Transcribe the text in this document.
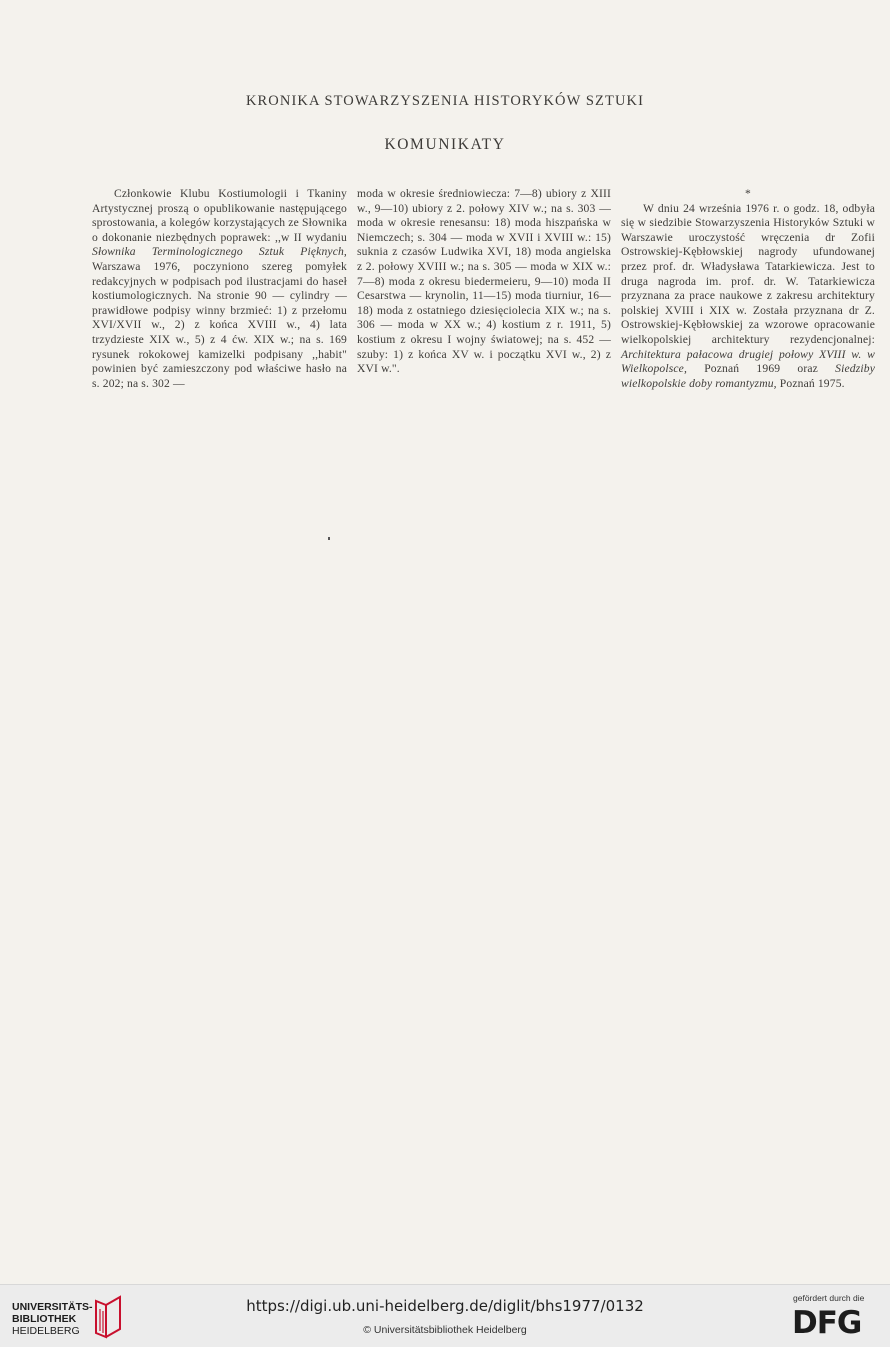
KRONIKA STOWARZYSZENIA HISTORYKÓW SZTUKI
KOMUNIKATY

Członkowie Klubu Kostiumologii i Tkaniny Artystycznej proszą o opublikowanie następującego sprostowania, a kolegów korzystających ze Słownika o dokonanie niezbędnych poprawek: ,,w II wydaniu Słownika Terminologicznego Sztuk Pięknych, Warszawa 1976, poczyniono szereg pomyłek redakcyjnych w podpisach pod ilustracjami do haseł kostiumologicznych. Na stronie 90 — cylindry — prawidłowe podpisy winny brzmieć: 1) z przełomu XVI/XVII w., 2) z końca XVIII w., 4) lata trzydzieste XIX w., 5) z 4 ćw. XIX w.; na s. 169 rysunek rokokowej kamizelki podpisany ,,habit" powinien być zamieszczony pod właściwe hasło na s. 202; na s. 302 —

moda w okresie średniowiecza: 7—8) ubiory z XIII w., 9—10) ubiory z 2. połowy XIV w.; na s. 303 — moda w okresie renesansu: 18) moda hiszpańska w Niemczech; s. 304 — moda w XVII i XVIII w.: 15) suknia z czasów Ludwika XVI, 18) moda angielska z 2. połowy XVIII w.; na s. 305 — moda w XIX w.: 7—8) moda z okresu biedermeieru, 9—10) moda II Cesarstwa — krynolin, 11—15) moda tiurniur, 16—18) moda z ostatniego dziesięciolecia XIX w.; na s. 306 — moda w XX w.; 4) kostium z r. 1911, 5) kostium z okresu I wojny światowej; na s. 452 — szuby: 1) z końca XV w. i początku XVI w., 2) z XVI w.".

*

W dniu 24 września 1976 r. o godz. 18, odbyła się w siedzibie Stowarzyszenia Historyków Sztuki w Warszawie uroczystość wręczenia dr Zofii Ostrowskiej-Kębłowskiej nagrody ufundowanej przez prof. dr. Władysława Tatarkiewicza. Jest to druga nagroda im. prof. dr. W. Tatarkiewicza przyznana za prace naukowe z zakresu architektury polskiej XVIII i XIX w. Została przyznana dr Z. Ostrowskiej-Kębłowskiej za wzorowe opracowanie wielkopolskiej architektury rezydencjonalnej: Architektura pałacowa drugiej połowy XVIII w. w Wielkopolsce, Poznań 1969 oraz Siedziby wielkopolskie doby romantyzmu, Poznań 1975.

UNIVERSITÄTS-
BIBLIOTHEK
HEIDELBERG
https://digi.ub.uni-heidelberg.de/diglit/bhs1977/0132
© Universitätsbibliothek Heidelberg
gefördert durch die
DFG
